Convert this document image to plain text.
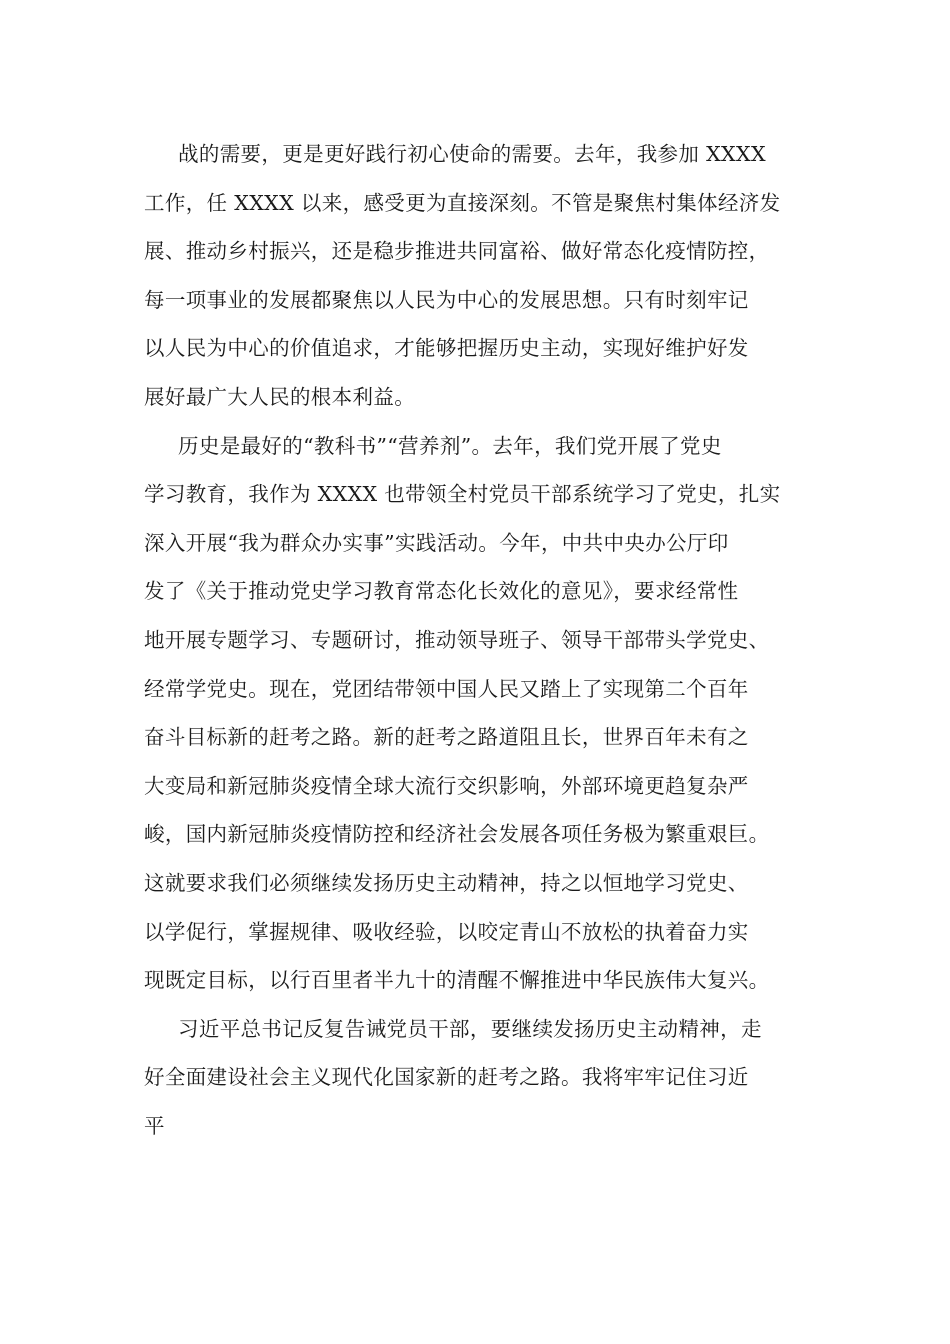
战的需要，更是更好践行初心使命的需要。去年，我参加 XXXX
工作，任 XXXX 以来，感受更为直接深刻。不管是聚焦村集体经济发
展、推动乡村振兴，还是稳步推进共同富裕、做好常态化疫情防控，
每一项事业的发展都聚焦以人民为中心的发展思想。只有时刻牢记
以人民为中心的价值追求，才能够把握历史主动，实现好维护好发
展好最广大人民的根本利益。
历史是最好的“教科书”“营养剂”。去年，我们党开展了党史
学习教育，我作为 XXXX 也带领全村党员干部系统学习了党史，扎实
深入开展“我为群众办实事”实践活动。今年，中共中央办公厅印
发了《关于推动党史学习教育常态化长效化的意见》，要求经常性
地开展专题学习、专题研讨，推动领导班子、领导干部带头学党史、
经常学党史。现在，党团结带领中国人民又踏上了实现第二个百年
奋斗目标新的赶考之路。新的赶考之路道阻且长，世界百年未有之
大变局和新冠肺炎疫情全球大流行交织影响，外部环境更趋复杂严
峻，国内新冠肺炎疫情防控和经济社会发展各项任务极为繁重艰巨。
这就要求我们必须继续发扬历史主动精神，持之以恒地学习党史、
以学促行，掌握规律、吸收经验，以咬定青山不放松的执着奋力实
现既定目标，以行百里者半九十的清醒不懈推进中华民族伟大复兴。
习近平总书记反复告诫党员干部，要继续发扬历史主动精神，走
好全面建设社会主义现代化国家新的赶考之路。我将牢牢记住习近
平
